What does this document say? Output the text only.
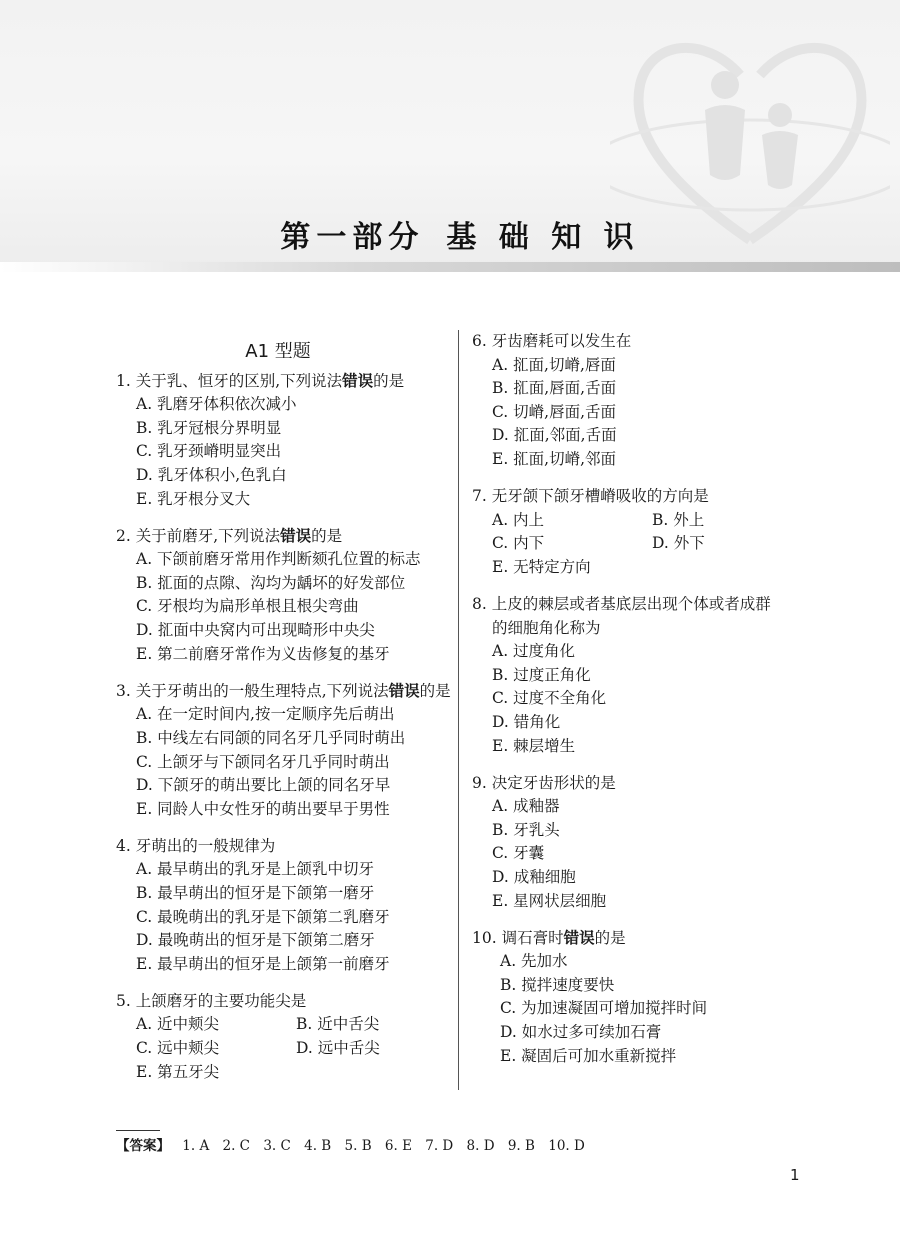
第一部分 基 础 知 识
A1 型题
1. 关于乳、恒牙的区别,下列说法错误的是
A. 乳磨牙体积依次减小
B. 乳牙冠根分界明显
C. 乳牙颈嵴明显突出
D. 乳牙体积小,色乳白
E. 乳牙根分叉大
2. 关于前磨牙,下列说法错误的是
A. 下颌前磨牙常用作判断颏孔位置的标志
B. 㧟面的点隙、沟均为龋坏的好发部位
C. 牙根均为扁形单根且根尖弯曲
D. 㧟面中央窝内可出现畸形中央尖
E. 第二前磨牙常作为义齿修复的基牙
3. 关于牙萌出的一般生理特点,下列说法错误的是
A. 在一定时间内,按一定顺序先后萌出
B. 中线左右同颌的同名牙几乎同时萌出
C. 上颌牙与下颌同名牙几乎同时萌出
D. 下颌牙的萌出要比上颌的同名牙早
E. 同龄人中女性牙的萌出要早于男性
4. 牙萌出的一般规律为
A. 最早萌出的乳牙是上颌乳中切牙
B. 最早萌出的恒牙是下颌第一磨牙
C. 最晚萌出的乳牙是下颌第二乳磨牙
D. 最晚萌出的恒牙是下颌第二磨牙
E. 最早萌出的恒牙是上颌第一前磨牙
5. 上颌磨牙的主要功能尖是
A. 近中颊尖	B. 近中舌尖
C. 远中颊尖	D. 远中舌尖
E. 第五牙尖
6. 牙齿磨耗可以发生在
A. 㧟面,切嵴,唇面
B. 㧟面,唇面,舌面
C. 切嵴,唇面,舌面
D. 㧟面,邻面,舌面
E. 㧟面,切嵴,邻面
7. 无牙颌下颌牙槽嵴吸收的方向是
A. 内上	B. 外上
C. 内下	D. 外下
E. 无特定方向
8. 上皮的棘层或者基底层出现个体或者成群
的细胞角化称为
A. 过度角化
B. 过度正角化
C. 过度不全角化
D. 错角化
E. 棘层增生
9. 决定牙齿形状的是
A. 成釉器
B. 牙乳头
C. 牙囊
D. 成釉细胞
E. 星网状层细胞
10. 调石膏时错误的是
A. 先加水
B. 搅拌速度要快
C. 为加速凝固可增加搅拌时间
D. 如水过多可续加石膏
E. 凝固后可加水重新搅拌
【答案】 1. A 2. C 3. C 4. B 5. B 6. E 7. D 8. D 9. B 10. D
1
